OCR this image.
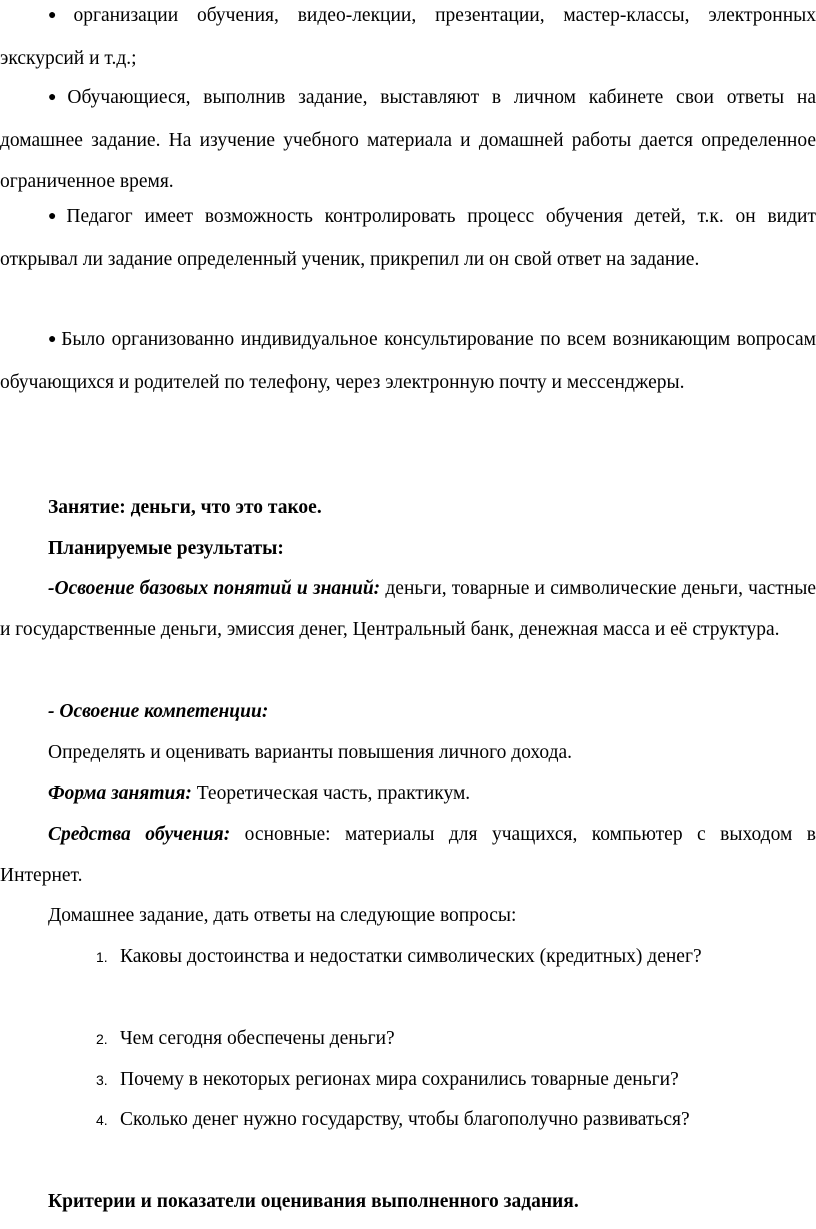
● организации обучения, видео-лекции, презентации, мастер-классы, электронных экскурсий и т.д.;

● Обучающиеся, выполнив задание, выставляют в личном кабинете свои ответы на домашнее задание. На изучение учебного материала и домашней работы дается определенное ограниченное время.

● Педагог имеет возможность контролировать процесс обучения детей, т.к. он видит открывал ли задание определенный ученик, прикрепил ли он свой ответ на задание.

● Было организованно индивидуальное консультирование по всем возникающим вопросам обучающихся и родителей по телефону, через электронную почту и мессенджеры.

Занятие: деньги, что это такое.

Планируемые результаты:

-Освоение базовых понятий и знаний: деньги, товарные и символические деньги, частные и государственные деньги, эмиссия денег, Центральный банк, денежная масса и её структура.

- Освоение компетенции:

Определять и оценивать варианты повышения личного дохода.

Форма занятия: Теоретическая часть, практикум.

Средства обучения: основные: материалы для учащихся, компьютер с выходом в Интернет.

Домашнее задание, дать ответы на следующие вопросы:

1. Каковы достоинства и недостатки символических (кредитных) денег?

2. Чем сегодня обеспечены деньги?

3. Почему в некоторых регионах мира сохранились товарные деньги?

4. Сколько денег нужно государству, чтобы благополучно развиваться?

Критерии и показатели оценивания выполненного задания.
